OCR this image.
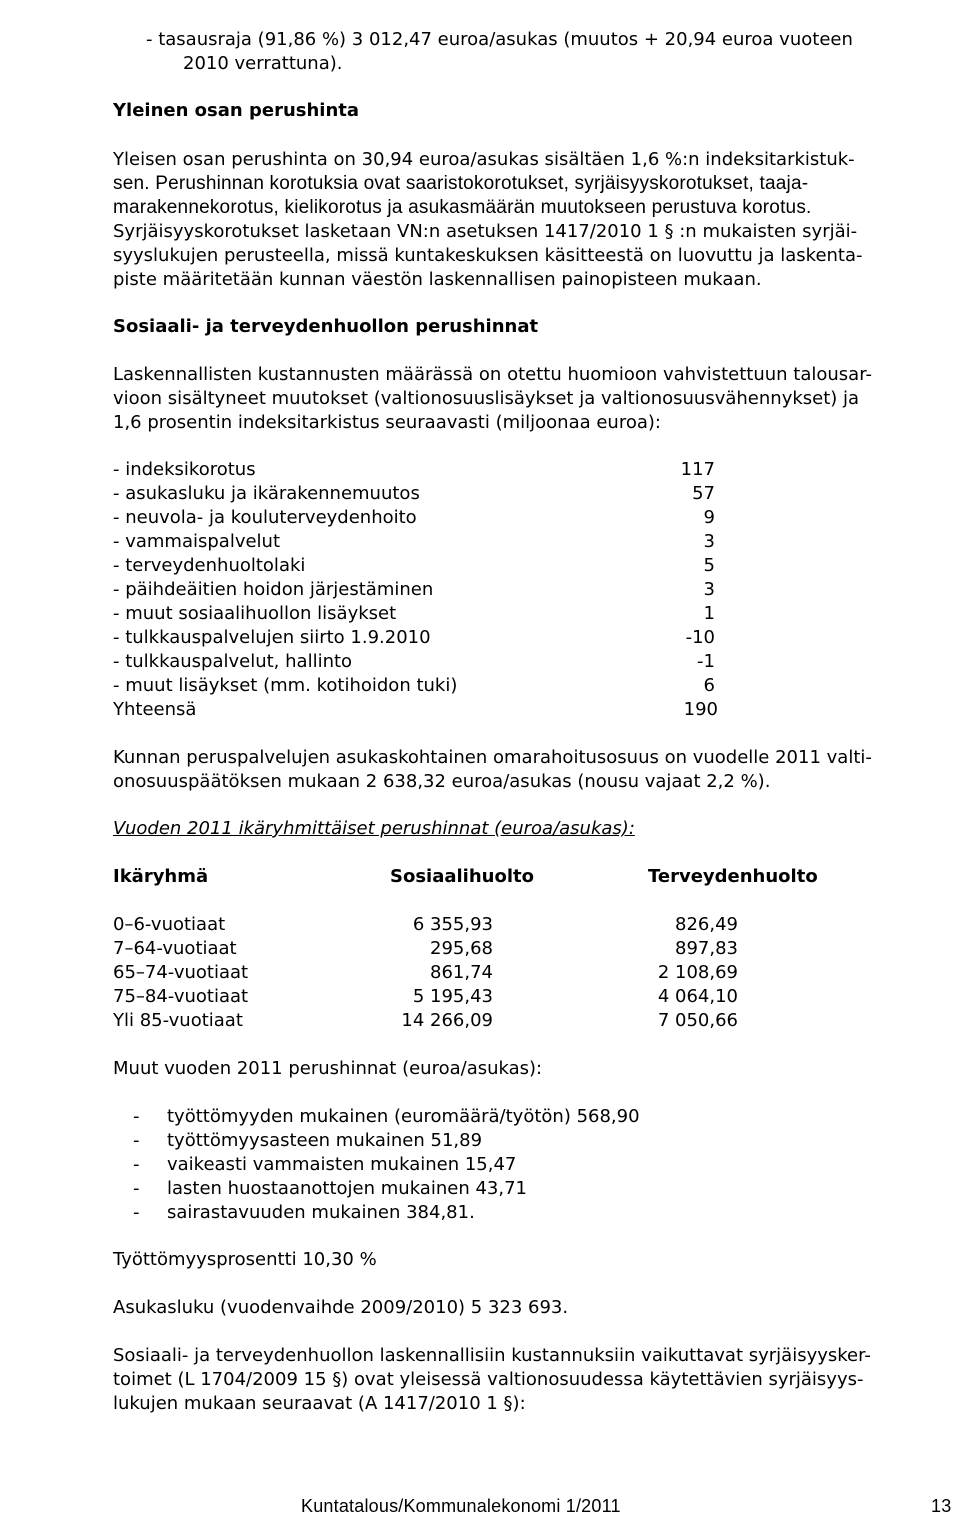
- tasausraja (91,86 %) 3 012,47 euroa/asukas (muutos + 20,94 euroa vuoteen
2010 verrattuna).
Yleinen osan perushinta
Yleisen osan perushinta on 30,94 euroa/asukas sisältäen 1,6 %:n indeksitarkistuk-
sen. Perushinnan korotuksia ovat saaristokorotukset, syrjäisyyskorotukset, taaja-
marakennekorotus, kielikorotus ja asukasmäärän muutokseen perustuva korotus.
Syrjäisyyskorotukset lasketaan VN:n asetuksen 1417/2010 1 § :n mukaisten syrjäi-
syyslukujen perusteella, missä kuntakeskuksen käsitteestä on luovuttu ja laskenta-
piste määritetään kunnan väestön laskennallisen painopisteen mukaan.
Sosiaali- ja terveydenhuollon perushinnat
Laskennallisten kustannusten määrässä on otettu huomioon vahvistettuun talousar-
vioon sisältyneet muutokset (valtionosuuslisäykset ja valtionosuusvähennykset) ja
1,6 prosentin indeksitarkistus seuraavasti (miljoonaa euroa):
- indeksikorotus	117
- asukasluku ja ikärakennemuutos	57
- neuvola- ja kouluterveydenhoito	9
- vammaispalvelut	3
- terveydenhuoltolaki	5
- päihdeäitien hoidon järjestäminen	3
- muut sosiaalihuollon lisäykset	1
- tulkkauspalvelujen siirto 1.9.2010	-10
- tulkkauspalvelut, hallinto	-1
- muut lisäykset (mm. kotihoidon tuki)	6
Yhteensä	190
Kunnan peruspalvelujen asukaskohtainen omarahoitusosuus on vuodelle 2011 valti-
onosuuspäätöksen mukaan 2 638,32 euroa/asukas (nousu vajaat 2,2 %).
Vuoden 2011 ikäryhmittäiset perushinnat (euroa/asukas):
Ikäryhmä	Sosiaalihuolto	Terveydenhuolto
0–6-vuotiaat	6 355,93	826,49
7–64-vuotiaat	295,68	897,83
65–74-vuotiaat	861,74	2 108,69
75–84-vuotiaat	5 195,43	4 064,10
Yli 85-vuotiaat	14 266,09	7 050,66
Muut vuoden 2011 perushinnat (euroa/asukas):
- työttömyyden mukainen (euromäärä/työtön) 568,90
- työttömyysasteen mukainen 51,89
- vaikeasti vammaisten mukainen 15,47
- lasten huostaanottojen mukainen 43,71
- sairastavuuden mukainen 384,81.
Työttömyysprosentti 10,30 %
Asukasluku (vuodenvaihde 2009/2010) 5 323 693.
Sosiaali- ja terveydenhuollon laskennallisiin kustannuksiin vaikuttavat syrjäisyysker-
toimet (L 1704/2009 15 §) ovat yleisessä valtionosuudessa käytettävien syrjäisyys-
lukujen mukaan seuraavat (A 1417/2010 1 §):
Kuntatalous/Kommunalekonomi 1/2011	13
